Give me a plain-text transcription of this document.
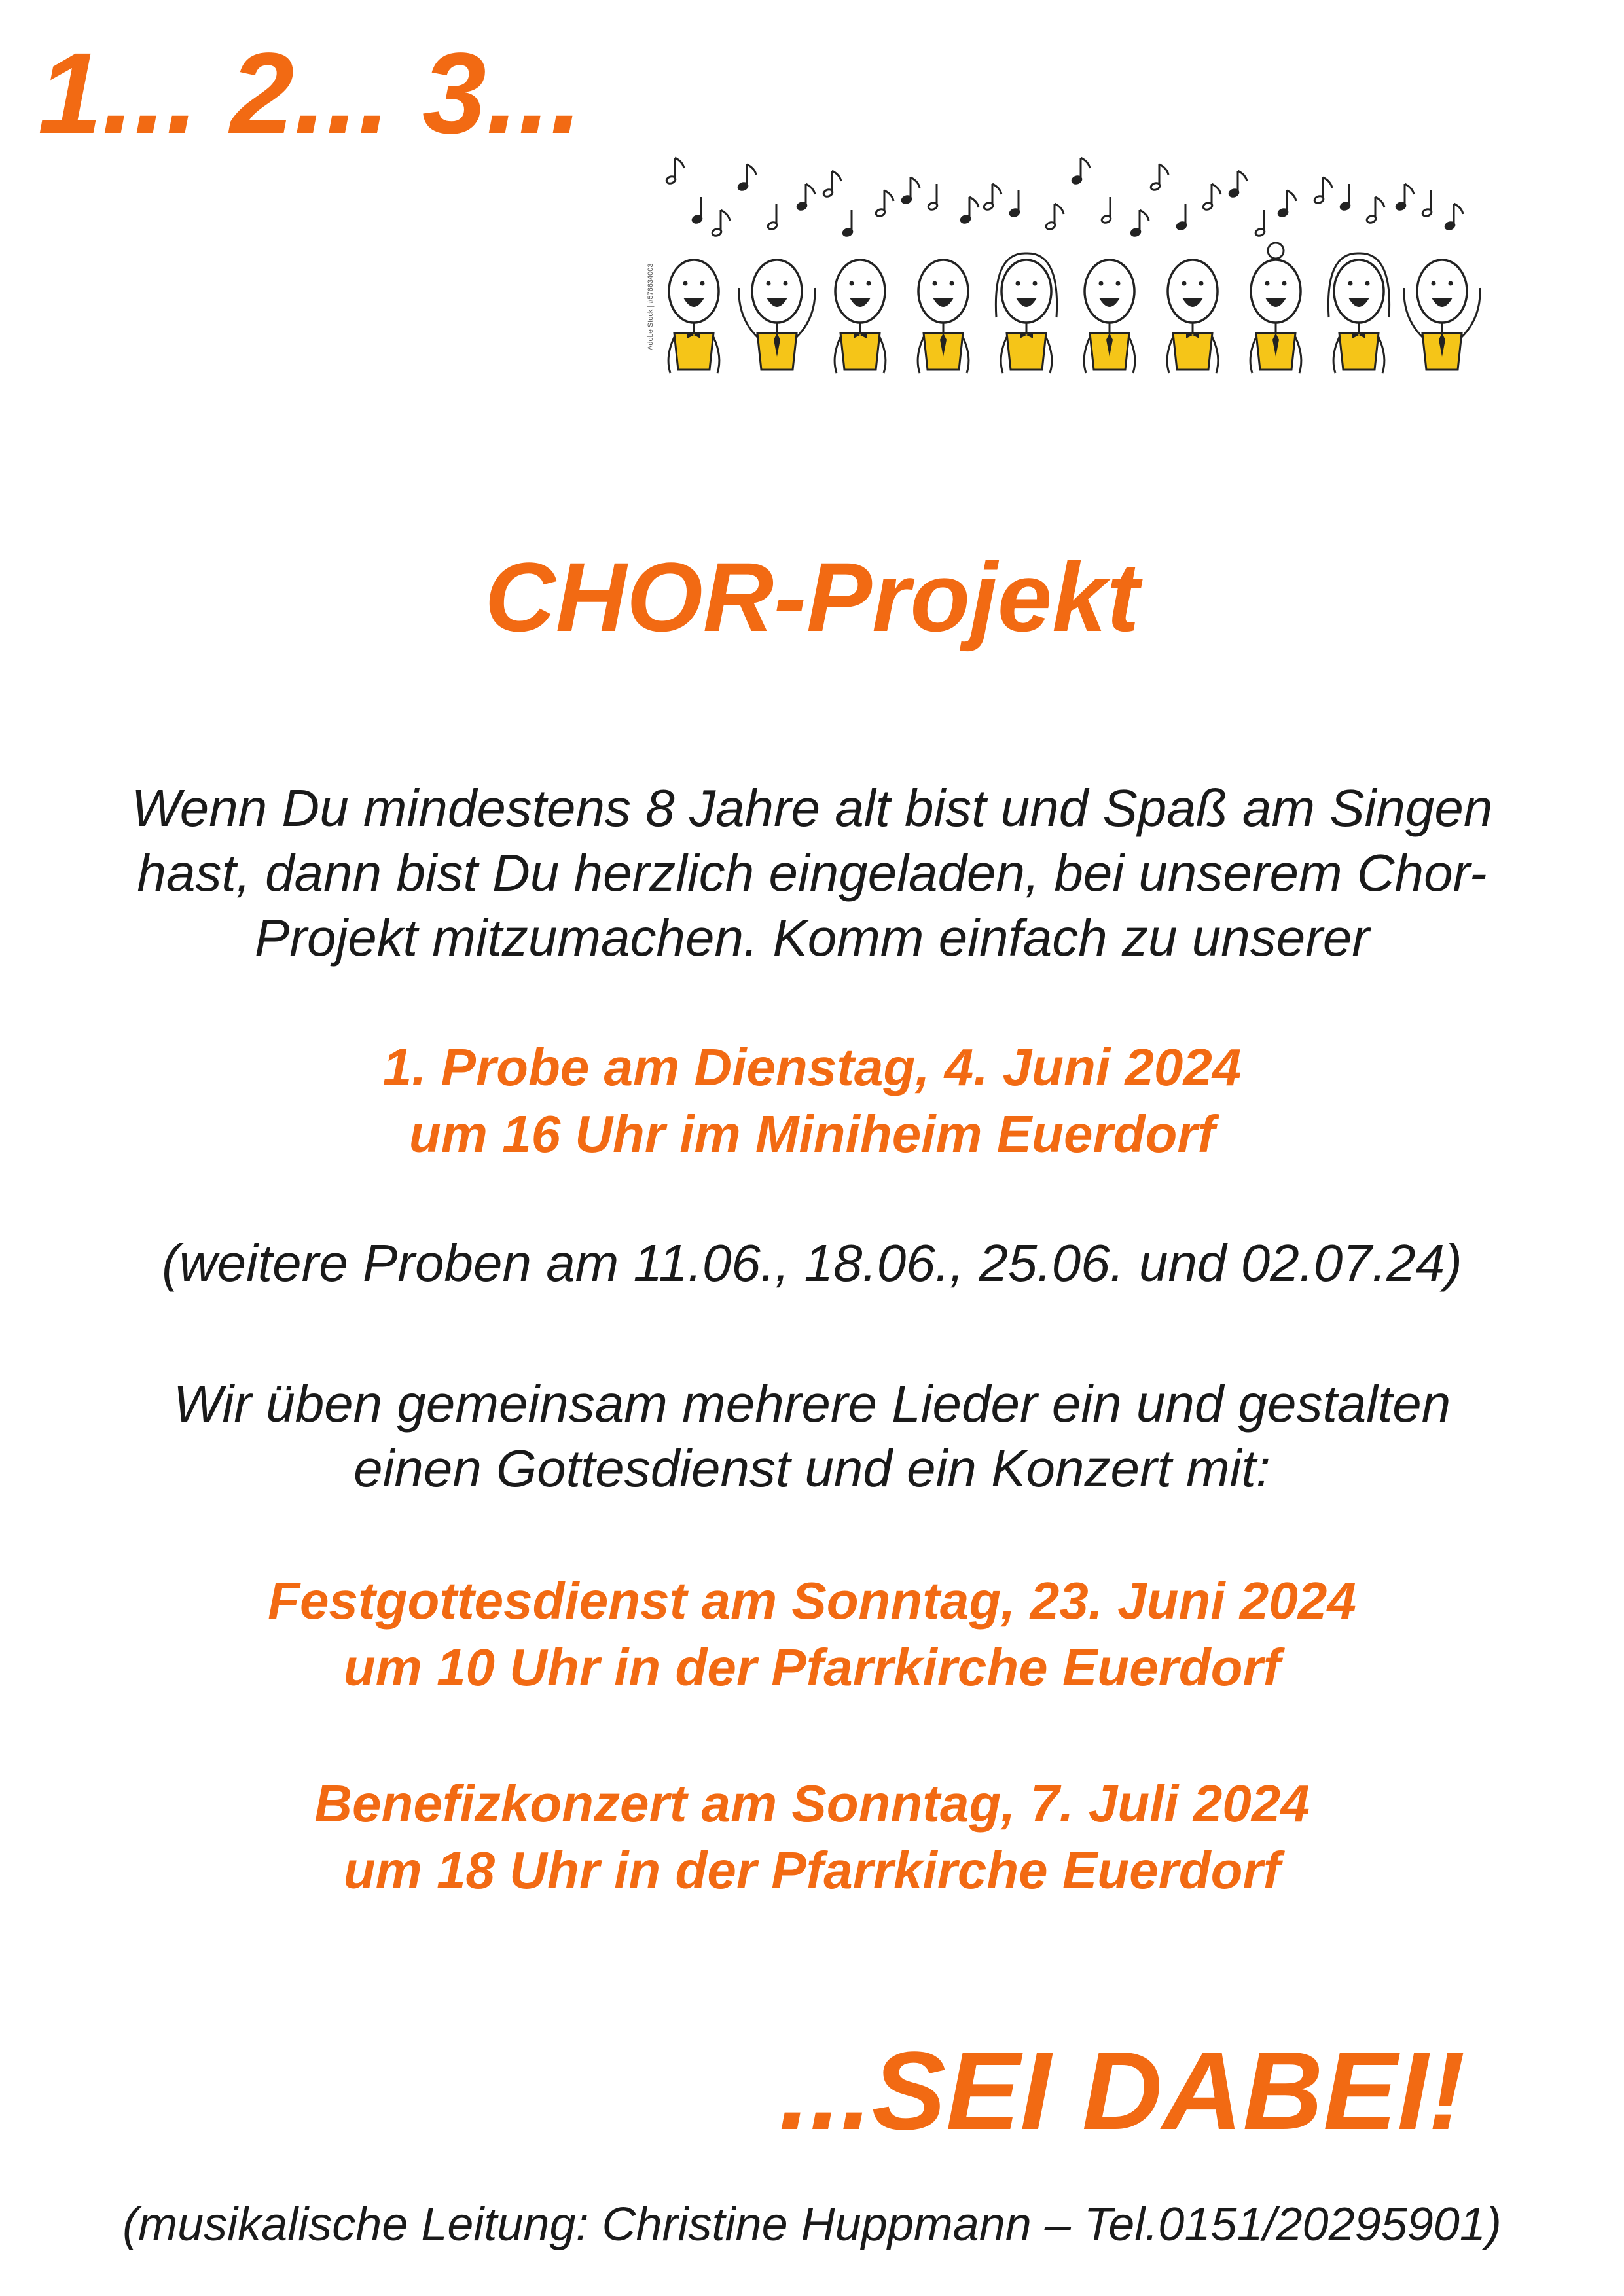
1... 2... 3...
Adobe Stock | #576634003
CHOR-Projekt

Wenn Du mindestens 8 Jahre alt bist und Spaß am Singen

hast, dann bist Du herzlich eingeladen, bei unserem Chor-

Projekt mitzumachen. Komm einfach zu unserer

1. Probe am Dienstag, 4. Juni 2024

um 16 Uhr im Miniheim Euerdorf

(weitere Proben am 11.06., 18.06., 25.06. und 02.07.24)

Wir üben gemeinsam mehrere Lieder ein und gestalten

einen Gottesdienst und ein Konzert mit:

Festgottesdienst am Sonntag, 23. Juni 2024

um 10 Uhr in der Pfarrkirche Euerdorf

Benefizkonzert am Sonntag, 7. Juli 2024

um 18 Uhr in der Pfarrkirche Euerdorf

...SEI DABEI!

(musikalische Leitung: Christine Huppmann – Tel.0151/20295901)
